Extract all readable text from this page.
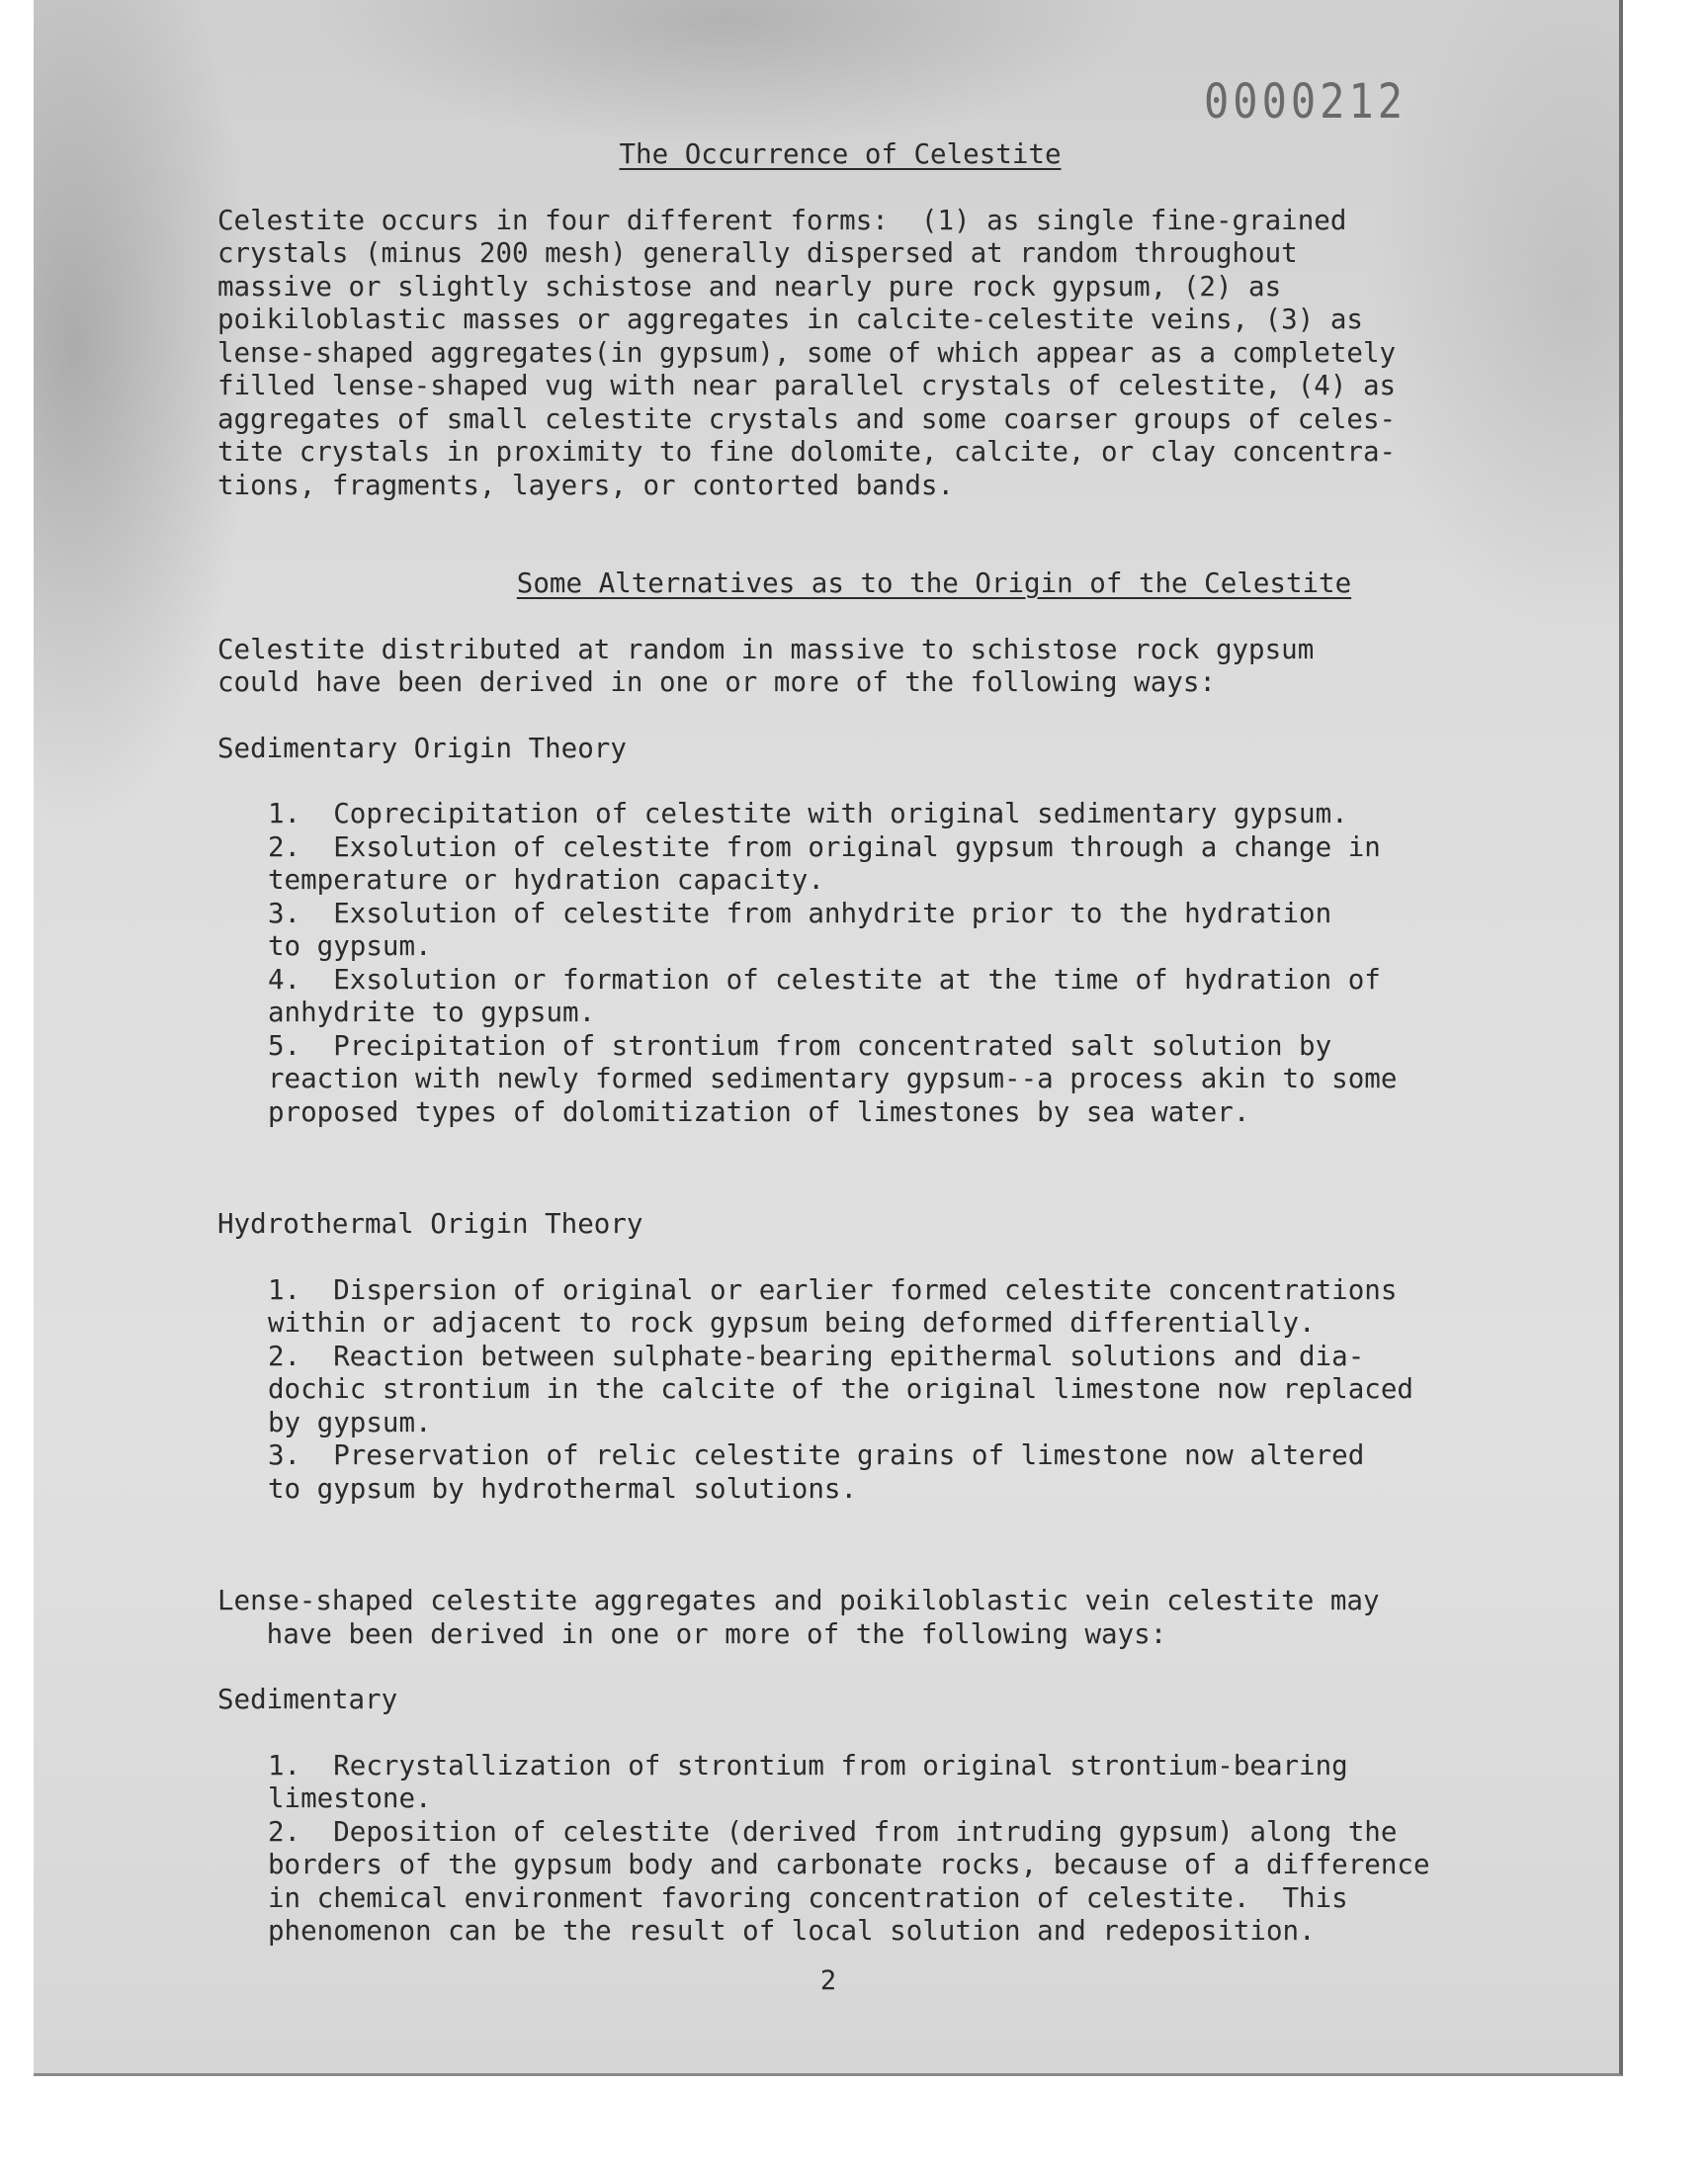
0000212

The Occurrence of Celestite

Celestite occurs in four different forms:  (1) as single fine-grained

crystals (minus 200 mesh) generally dispersed at random throughout

massive or slightly schistose and nearly pure rock gypsum, (2) as

poikiloblastic masses or aggregates in calcite-celestite veins, (3) as

lense-shaped aggregates(in gypsum), some of which appear as a completely

filled lense-shaped vug with near parallel crystals of celestite, (4) as

aggregates of small celestite crystals and some coarser groups of celes-

tite crystals in proximity to fine dolomite, calcite, or clay concentra-

tions, fragments, layers, or contorted bands.

Some Alternatives as to the Origin of the Celestite

Celestite distributed at random in massive to schistose rock gypsum

could have been derived in one or more of the following ways:

Sedimentary Origin Theory

1.  Coprecipitation of celestite with original sedimentary gypsum.

2.  Exsolution of celestite from original gypsum through a change in

temperature or hydration capacity.

3.  Exsolution of celestite from anhydrite prior to the hydration

to gypsum.

4.  Exsolution or formation of celestite at the time of hydration of

anhydrite to gypsum.

5.  Precipitation of strontium from concentrated salt solution by

reaction with newly formed sedimentary gypsum--a process akin to some

proposed types of dolomitization of limestones by sea water.

Hydrothermal Origin Theory

1.  Dispersion of original or earlier formed celestite concentrations

within or adjacent to rock gypsum being deformed differentially.

2.  Reaction between sulphate-bearing epithermal solutions and dia-

dochic strontium in the calcite of the original limestone now replaced

by gypsum.

3.  Preservation of relic celestite grains of limestone now altered

to gypsum by hydrothermal solutions.

Lense-shaped celestite aggregates and poikiloblastic vein celestite may

have been derived in one or more of the following ways:

Sedimentary

1.  Recrystallization of strontium from original strontium-bearing

limestone.

2.  Deposition of celestite (derived from intruding gypsum) along the

borders of the gypsum body and carbonate rocks, because of a difference

in chemical environment favoring concentration of celestite.  This

phenomenon can be the result of local solution and redeposition.

2
